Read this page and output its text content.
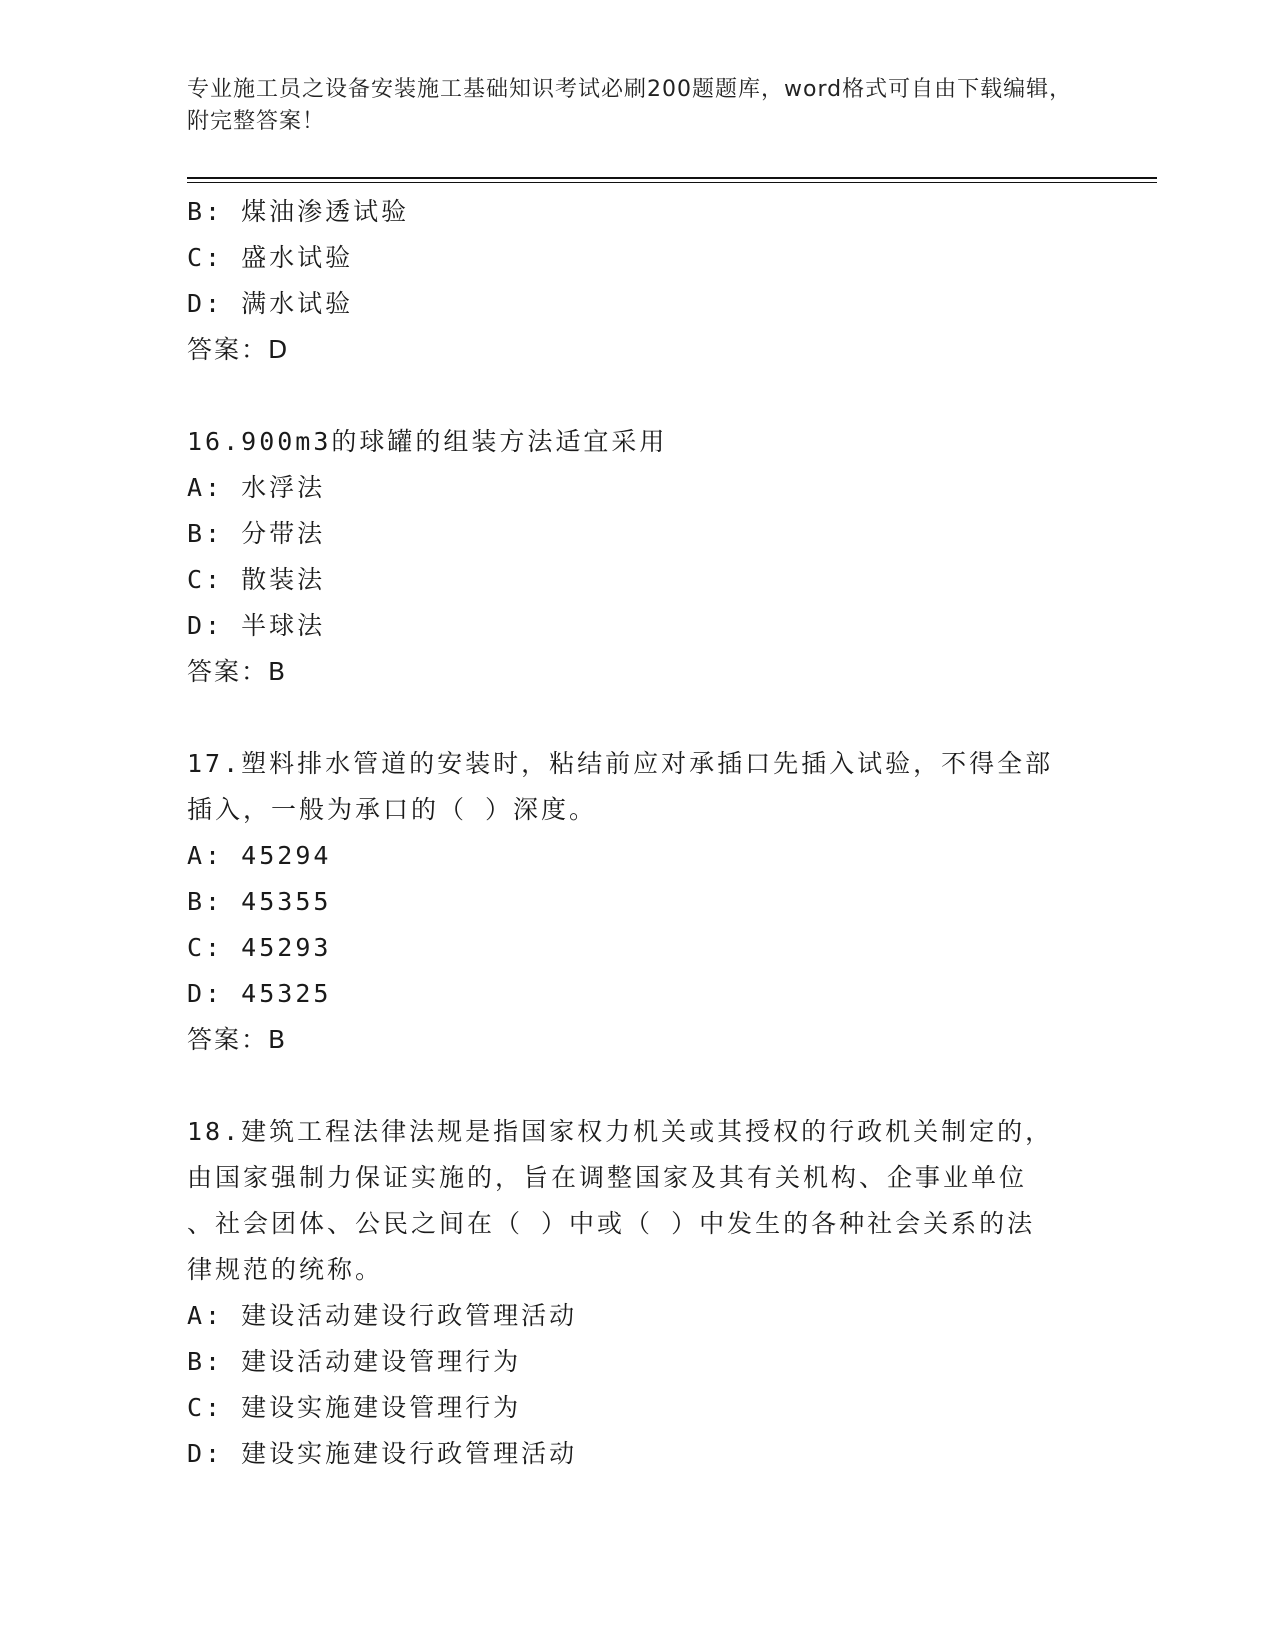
专业施工员之设备安装施工基础知识考试必刷200题题库，word格式可自由下载编辑，附完整答案！
B: 煤油渗透试验
C: 盛水试验
D: 满水试验
答案：D
16.900m3的球罐的组装方法适宜采用
A: 水浮法
B: 分带法
C: 散装法
D: 半球法
答案：B
17.塑料排水管道的安装时，粘结前应对承插口先插入试验，不得全部
插入，一般为承口的（ ）深度。
A: 45294
B: 45355
C: 45293
D: 45325
答案：B
18.建筑工程法律法规是指国家权力机关或其授权的行政机关制定的，
由国家强制力保证实施的，旨在调整国家及其有关机构、企事业单位
、社会团体、公民之间在（ ）中或（ ）中发生的各种社会关系的法
律规范的统称。
A: 建设活动建设行政管理活动
B: 建设活动建设管理行为
C: 建设实施建设管理行为
D: 建设实施建设行政管理活动
